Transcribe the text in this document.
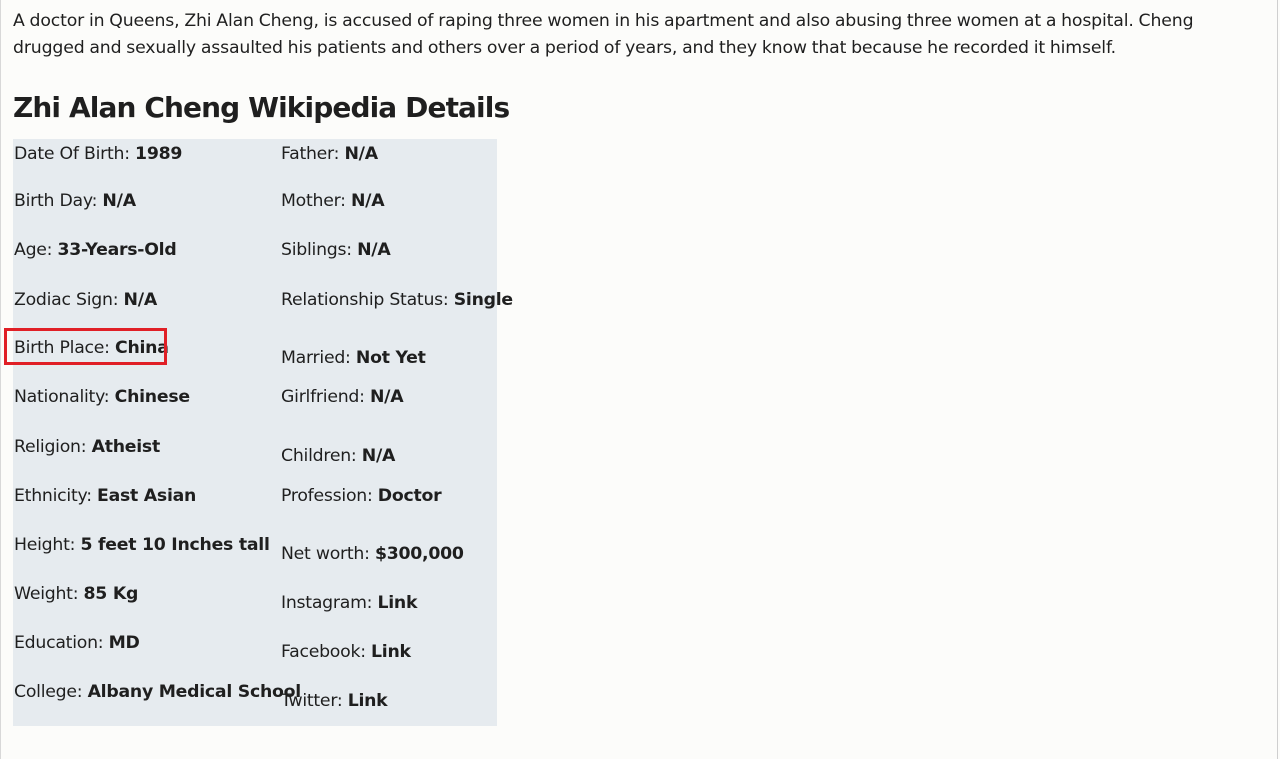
A doctor in Queens, Zhi Alan Cheng, is accused of raping three women in his apartment and also abusing three women at a hospital. Cheng drugged and sexually assaulted his patients and others over a period of years, and they know that because he recorded it himself.

Zhi Alan Cheng Wikipedia Details
Date Of Birth: 1989
Birth Day: N/A
Age: 33-Years-Old
Zodiac Sign: N/A
Birth Place: China
Nationality: Chinese
Religion: Atheist
Ethnicity: East Asian
Height: 5 feet 10 Inches tall
Weight: 85 Kg
Education: MD
College: Albany Medical School
Father: N/A
Mother: N/A
Siblings: N/A
Relationship Status: Single
Married: Not Yet
Girlfriend: N/A
Children: N/A
Profession: Doctor
Net worth: $300,000
Instagram: Link
Facebook: Link
Twitter: Link
